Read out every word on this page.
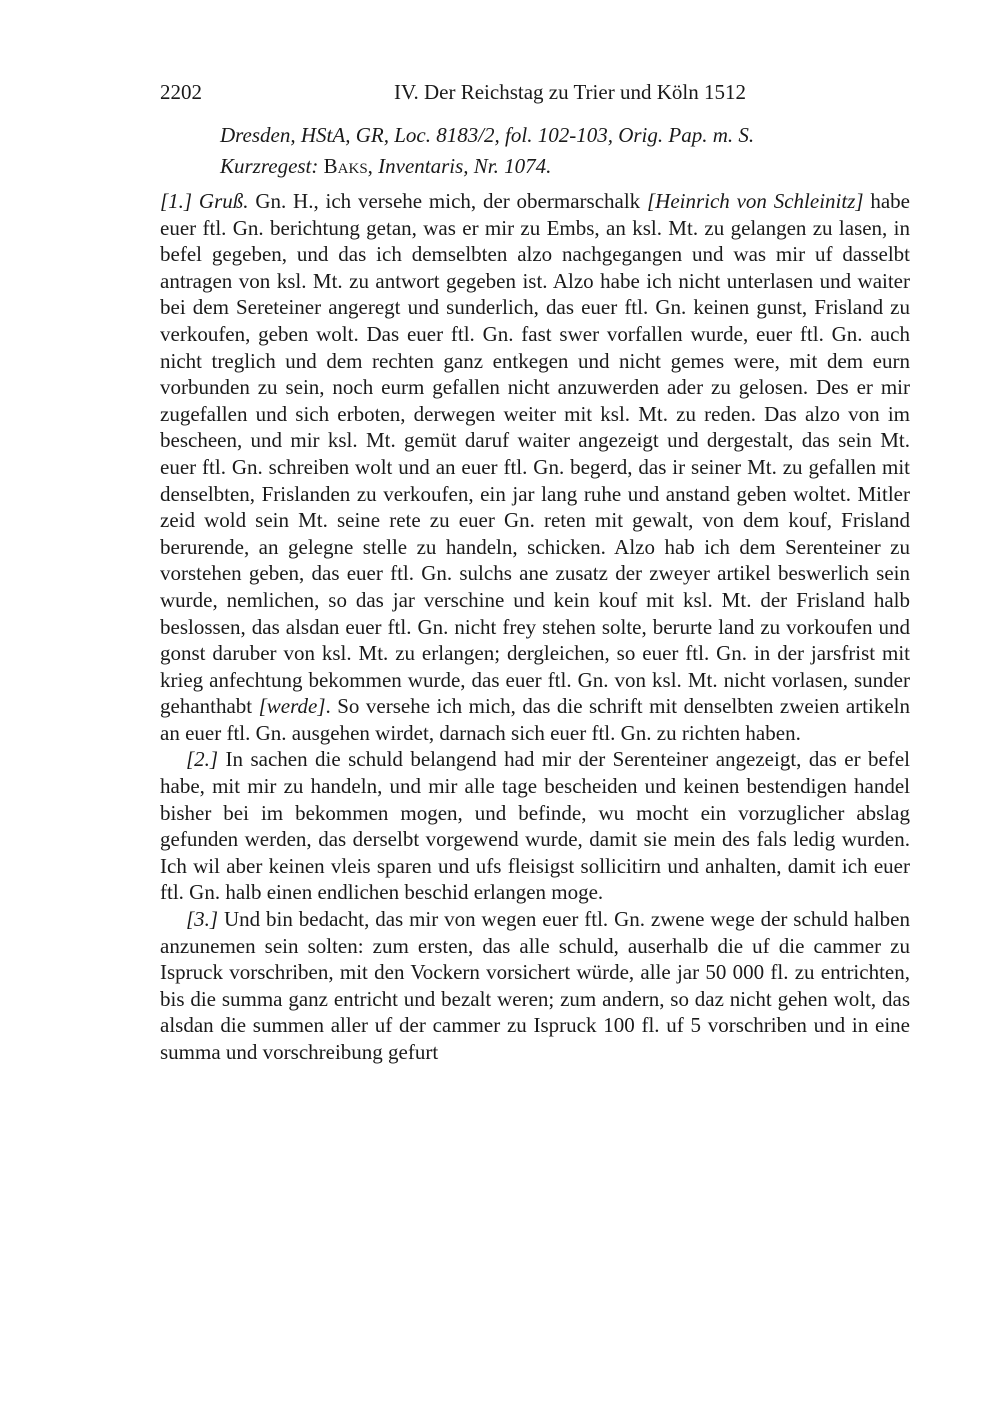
2202	IV. Der Reichstag zu Trier und Köln 1512
Dresden, HStA, GR, Loc. 8183/2, fol. 102-103, Orig. Pap. m. S.
Kurzregest: Baks, Inventaris, Nr. 1074.

[1.] Gruß. Gn. H., ich versehe mich, der obermarschalk [Heinrich von Schleinitz] habe euer ftl. Gn. berichtung getan, was er mir zu Embs, an ksl. Mt. zu gelangen zu lasen, in befel gegeben, und das ich demselbten alzo nachgegangen und was mir uf dasselbt antragen von ksl. Mt. zu antwort gegeben ist. Alzo habe ich nicht unterlasen und waiter bei dem Sereteiner angeregt und sunderlich, das euer ftl. Gn. keinen gunst, Frisland zu verkoufen, geben wolt. Das euer ftl. Gn. fast swer vorfallen wurde, euer ftl. Gn. auch nicht treglich und dem rechten ganz entkegen und nicht gemes were, mit dem eurn vorbunden zu sein, noch eurm gefallen nicht anzuwerden ader zu gelosen. Des er mir zugefallen und sich erboten, derwegen weiter mit ksl. Mt. zu reden. Das alzo von im bescheen, und mir ksl. Mt. gemüt daruf waiter angezeigt und dergestalt, das sein Mt. euer ftl. Gn. schreiben wolt und an euer ftl. Gn. begerd, das ir seiner Mt. zu gefallen mit denselbten, Frislanden zu verkoufen, ein jar lang ruhe und anstand geben woltet. Mitler zeid wold sein Mt. seine rete zu euer Gn. reten mit gewalt, von dem kouf, Frisland berurende, an gelegne stelle zu handeln, schicken. Alzo hab ich dem Serenteiner zu vorstehen geben, das euer ftl. Gn. sulchs ane zusatz der zweyer artikel beswerlich sein wurde, nemlichen, so das jar verschine und kein kouf mit ksl. Mt. der Frisland halb beslossen, das alsdan euer ftl. Gn. nicht frey stehen solte, berurte land zu vorkoufen und gonst daruber von ksl. Mt. zu erlangen; dergleichen, so euer ftl. Gn. in der jarsfrist mit krieg anfechtung bekommen wurde, das euer ftl. Gn. von ksl. Mt. nicht vorlasen, sunder gehanthabt [werde]. So versehe ich mich, das die schrift mit denselbten zweien artikeln an euer ftl. Gn. ausgehen wirdet, darnach sich euer ftl. Gn. zu richten haben.

[2.] In sachen die schuld belangend had mir der Serenteiner angezeigt, das er befel habe, mit mir zu handeln, und mir alle tage bescheiden und keinen bestendigen handel bisher bei im bekommen mogen, und befinde, wu mocht ein vorzuglicher abslag gefunden werden, das derselbt vorgewend wurde, damit sie mein des fals ledig wurden. Ich wil aber keinen vleis sparen und ufs fleisigst sollicitirn und anhalten, damit ich euer ftl. Gn. halb einen endlichen beschid erlangen moge.

[3.] Und bin bedacht, das mir von wegen euer ftl. Gn. zwene wege der schuld halben anzunemen sein solten: zum ersten, das alle schuld, auserhalb die uf die cammer zu Ispruck vorschriben, mit den Vockern vorsichert würde, alle jar 50 000 fl. zu entrichten, bis die summa ganz entricht und bezalt weren; zum andern, so daz nicht gehen wolt, das alsdan die summen aller uf der cammer zu Ispruck 100 fl. uf 5 vorschriben und in eine summa und vorschreibung gefurt
